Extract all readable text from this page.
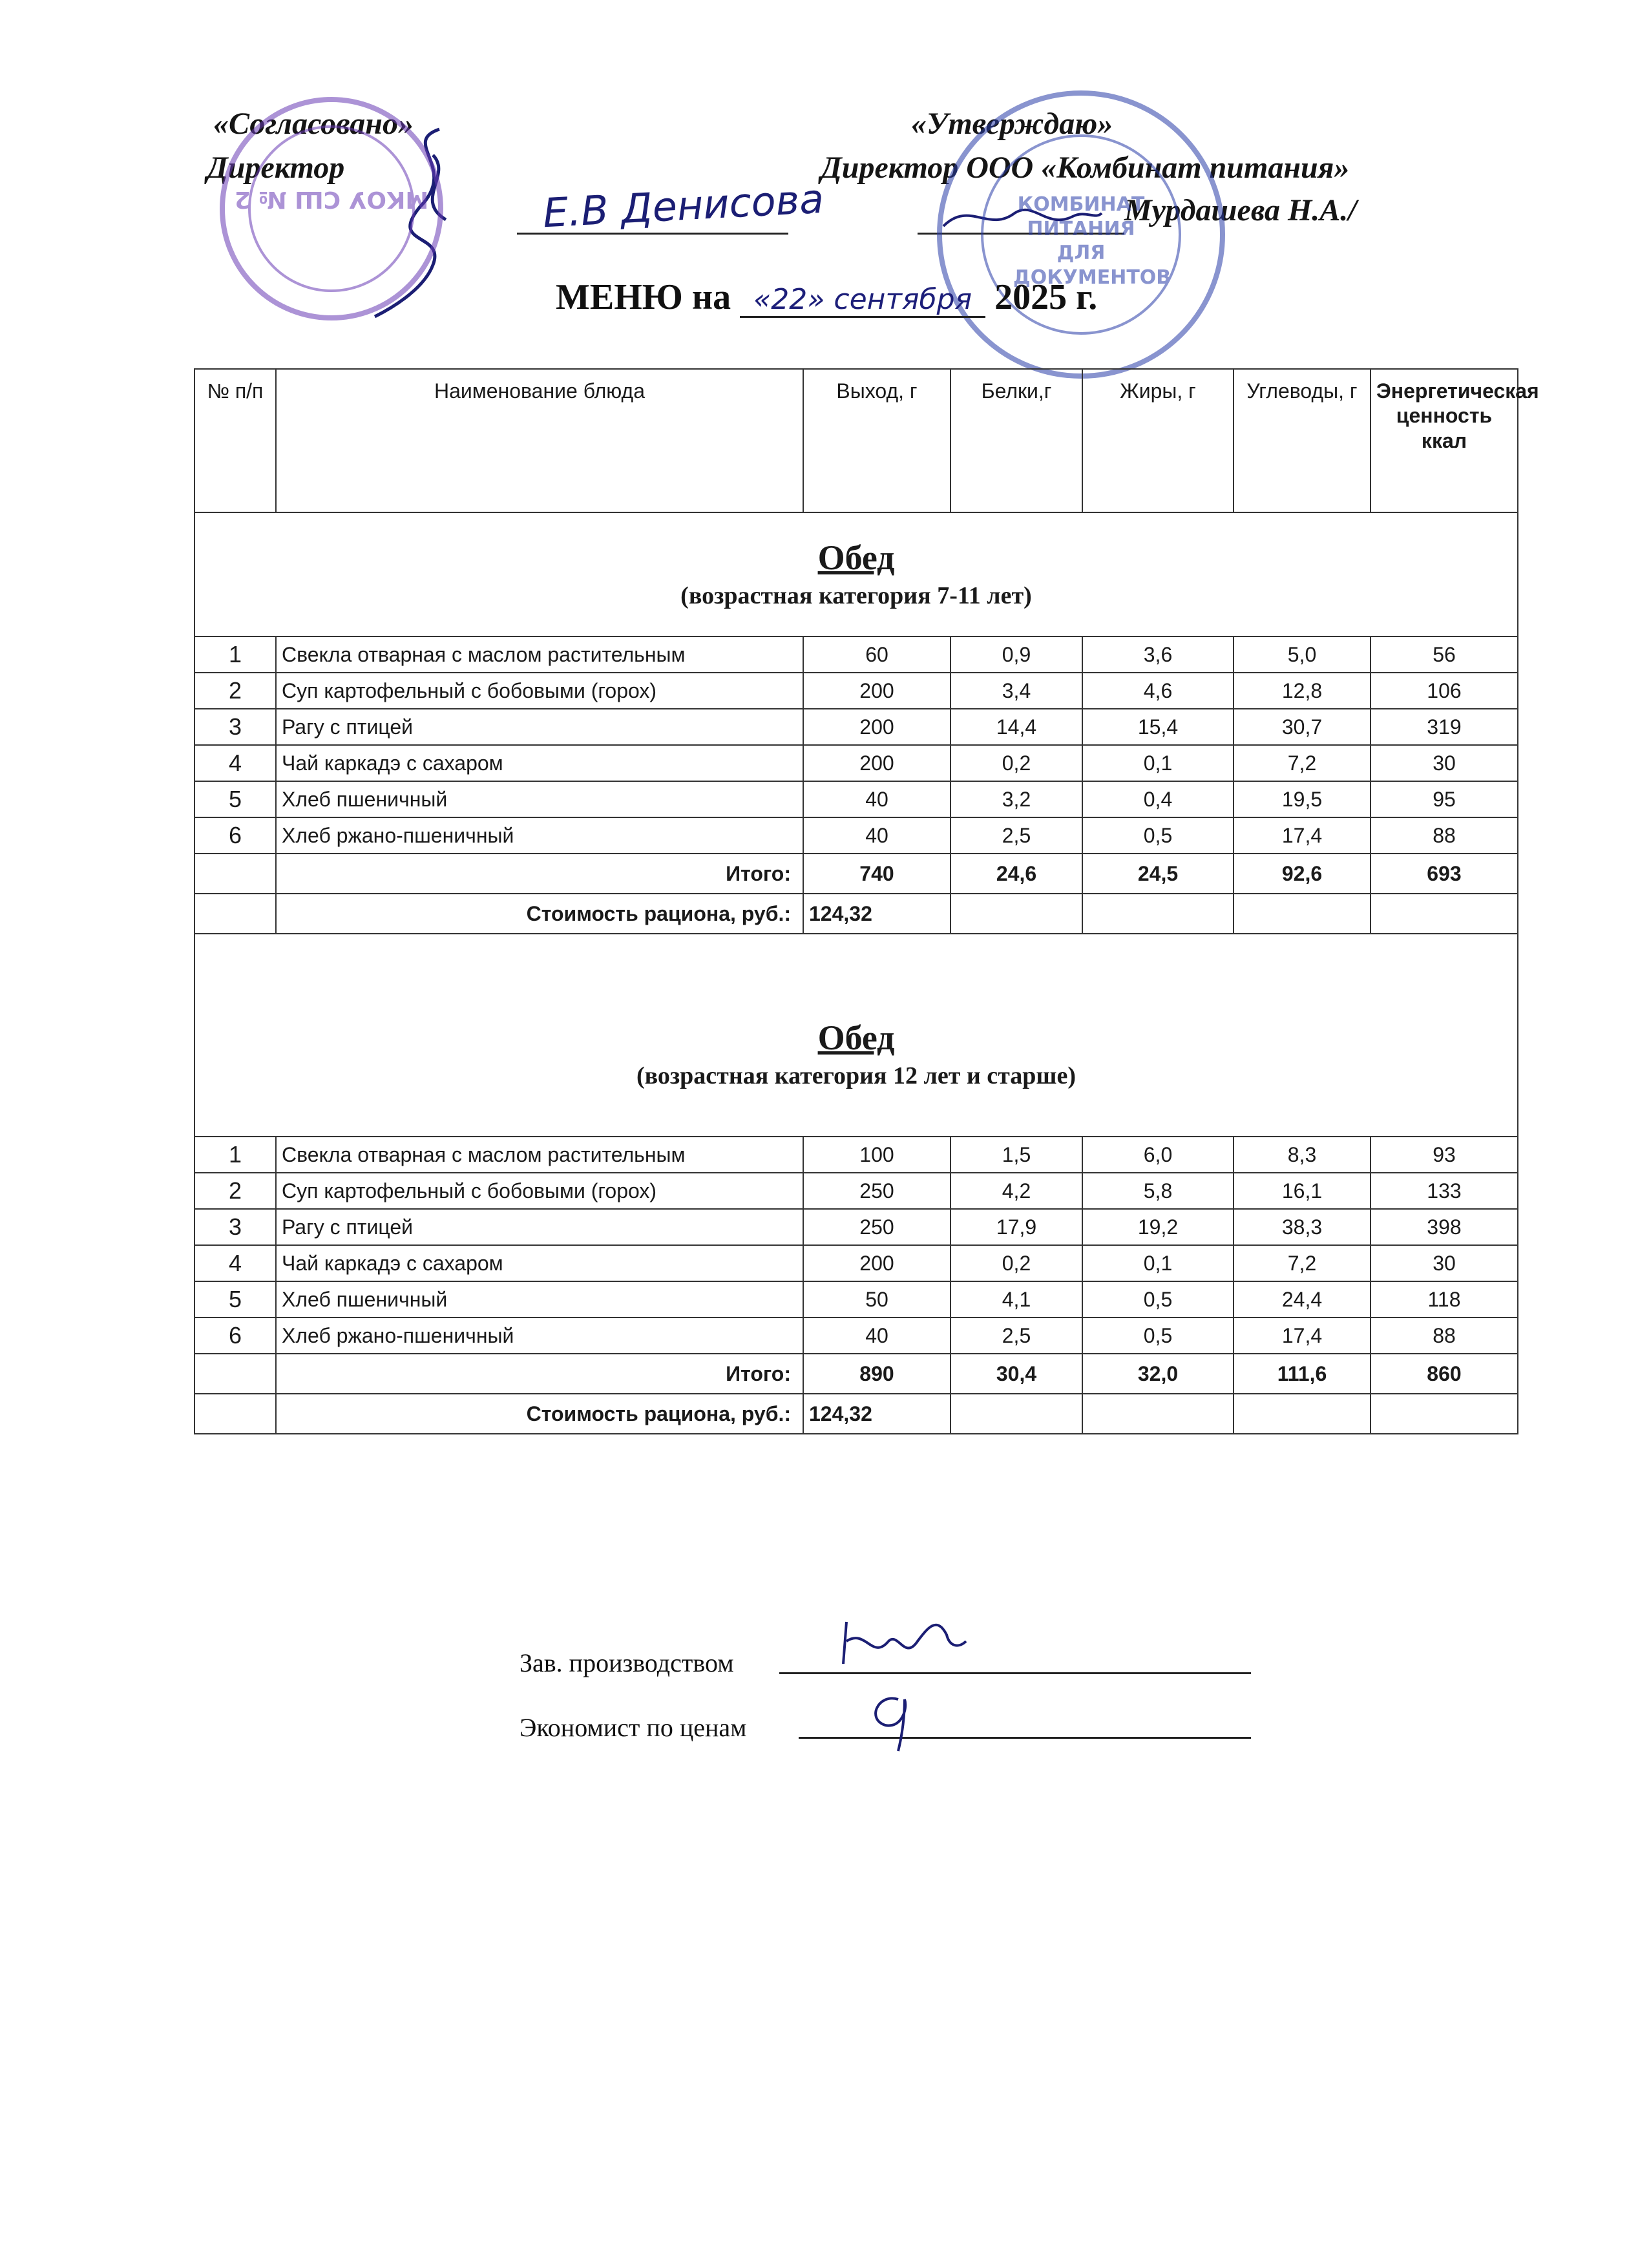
«Согласовано»
Директор
Е.В Денисова
«Утверждаю»
Директор ООО «Комбинат питания»
Мурдашева Н.А./
МКОУ СШ № 2	КОМБИНАТ ПИТАНИЯ ДЛЯ ДОКУМЕНТОВ
МЕНЮ на «22» сентября 2025 г.
№ п/п	Наименование блюда	Выход, г	Белки,г	Жиры, г	Углеводы, г	Энергетическая ценность ккал

Обед
(возрастная категория 7-11 лет)						

1	Свекла отварная с маслом растительным	60	0,9	3,6	5,0	56
2	Суп картофельный с бобовыми (горох)	200	3,4	4,6	12,8	106
3	Рагу с птицей	200	14,4	15,4	30,7	319
4	Чай каркадэ с сахаром	200	0,2	0,1	7,2	30
5	Хлеб пшеничный	40	3,2	0,4	19,5	95
6	Хлеб ржано-пшеничный	40	2,5	0,5	17,4	88
	Итого:	740	24,6	24,5	92,6	693
	Стоимость рациона, руб.:	124,32				

Обед
(возрастная категория 12 лет и старше)						

1	Свекла отварная с маслом растительным	100	1,5	6,0	8,3	93
2	Суп картофельный с бобовыми (горох)	250	4,2	5,8	16,1	133
3	Рагу с птицей	250	17,9	19,2	38,3	398
4	Чай каркадэ с сахаром	200	0,2	0,1	7,2	30
5	Хлеб пшеничный	50	4,1	0,5	24,4	118
6	Хлеб ржано-пшеничный	40	2,5	0,5	17,4	88
	Итого:	890	30,4	32,0	111,6	860
	Стоимость рациона, руб.:	124,32				
Зав. производством
Экономист по ценам
